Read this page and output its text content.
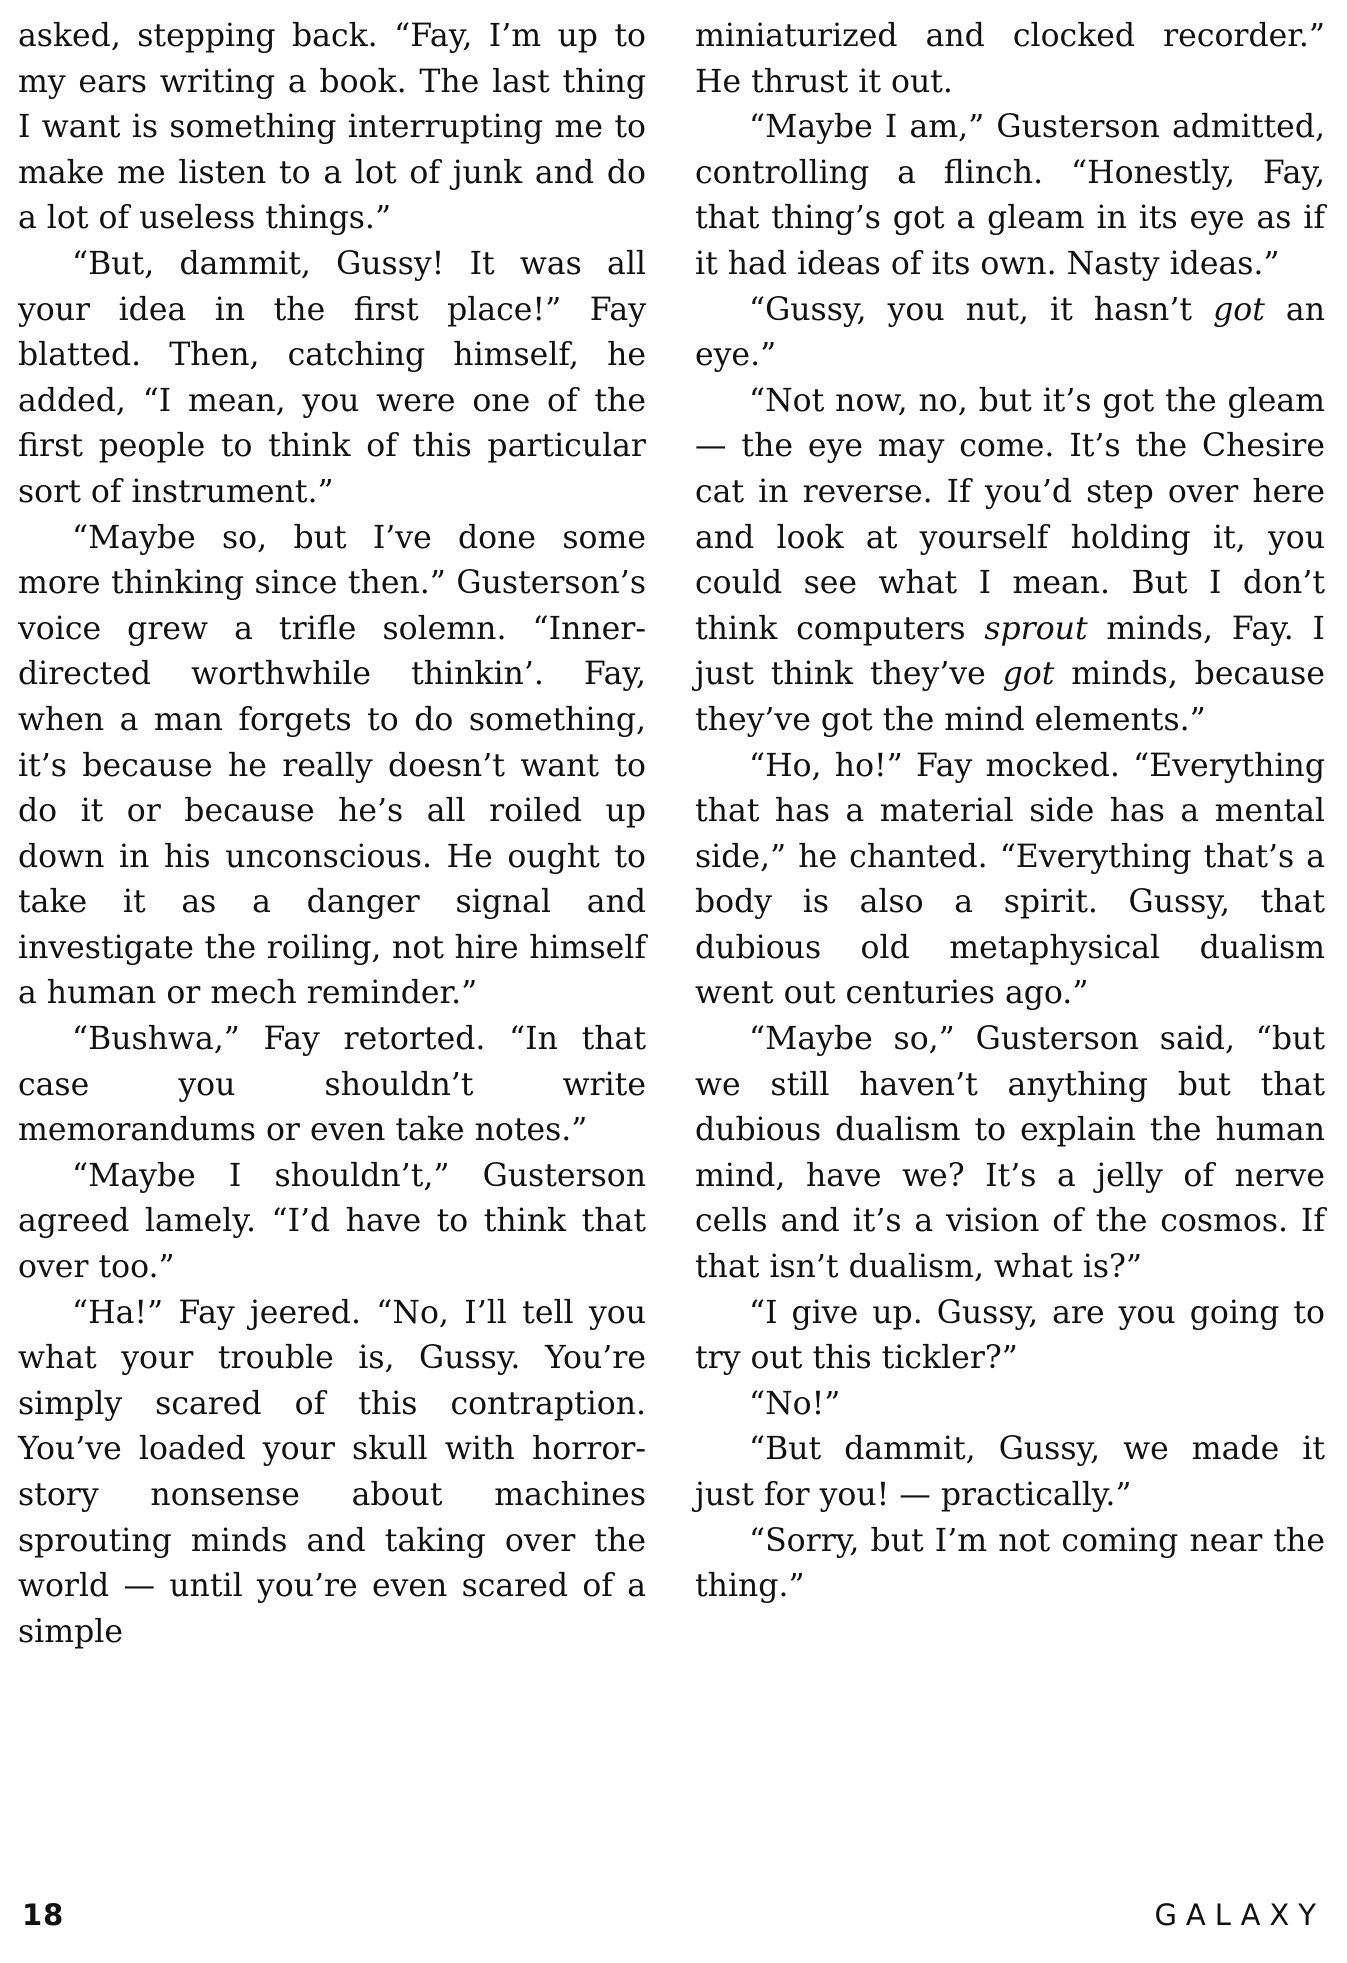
asked, stepping back. “Fay, I’m up to my ears writing a book. The last thing I want is something interrupting me to make me listen to a lot of junk and do a lot of useless things.”

“But, dammit, Gussy! It was all your idea in the first place!” Fay blatted. Then, catching himself, he added, “I mean, you were one of the first people to think of this particular sort of instrument.”

“Maybe so, but I’ve done some more thinking since then.” Gusterson’s voice grew a trifle solemn. “Inner-directed worthwhile thinkin’. Fay, when a man forgets to do something, it’s because he really doesn’t want to do it or because he’s all roiled up down in his unconscious. He ought to take it as a danger signal and investigate the roiling, not hire himself a human or mech reminder.”

“Bushwa,” Fay retorted. “In that case you shouldn’t write memorandums or even take notes.”

“Maybe I shouldn’t,” Gusterson agreed lamely. “I’d have to think that over too.”

“Ha!” Fay jeered. “No, I’ll tell you what your trouble is, Gussy. You’re simply scared of this contraption. You’ve loaded your skull with horror-story nonsense about machines sprouting minds and taking over the world — until you’re even scared of a simple

miniaturized and clocked recorder.” He thrust it out.

“Maybe I am,” Gusterson admitted, controlling a flinch. “Honestly, Fay, that thing’s got a gleam in its eye as if it had ideas of its own. Nasty ideas.”

“Gussy, you nut, it hasn’t got an eye.”

“Not now, no, but it’s got the gleam — the eye may come. It’s the Chesire cat in reverse. If you’d step over here and look at yourself holding it, you could see what I mean. But I don’t think computers sprout minds, Fay. I just think they’ve got minds, because they’ve got the mind elements.”

“Ho, ho!” Fay mocked. “Everything that has a material side has a mental side,” he chanted. “Everything that’s a body is also a spirit. Gussy, that dubious old metaphysical dualism went out centuries ago.”

“Maybe so,” Gusterson said, “but we still haven’t anything but that dubious dualism to explain the human mind, have we? It’s a jelly of nerve cells and it’s a vision of the cosmos. If that isn’t dualism, what is?”

“I give up. Gussy, are you going to try out this tickler?”

“No!”

“But dammit, Gussy, we made it just for you! — practically.”

“Sorry, but I’m not coming near the thing.”

18	GALAXY
